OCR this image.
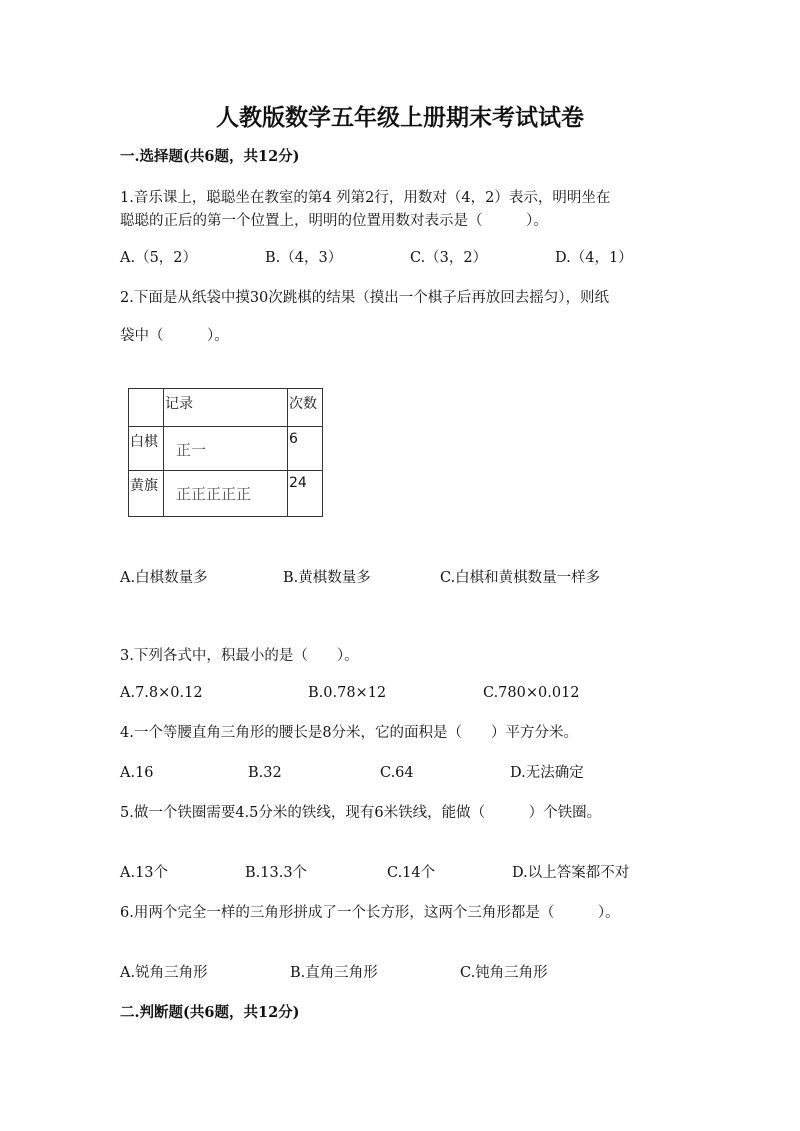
人教版数学五年级上册期末考试试卷
一.选择题(共6题，共12分)
1.音乐课上，聪聪坐在教室的第4 列第2行，用数对（4，2）表示，明明坐在
聪聪的正后的第一个位置上，明明的位置用数对表示是（　　　）。
A.（5，2）	B.（4，3）	C.（3，2）	D.（4，1）
2.下面是从纸袋中摸30次跳棋的结果（摸出一个棋子后再放回去摇匀），则纸
袋中（　　　）。
	记录	次数
白棋	正一	6
黄旗	正正正正正	24
A.白棋数量多	B.黄棋数量多	C.白棋和黄棋数量一样多
3.下列各式中，积最小的是（　　）。
A.7.8×0.12	B.0.78×12	C.780×0.012
4.一个等腰直角三角形的腰长是8分米，它的面积是（　　）平方分米。
A.16	B.32	C.64	D.无法确定
5.做一个铁圈需要4.5分米的铁线，现有6米铁线，能做（　　　）个铁圈。
A.13个	B.13.3个	C.14个	D.以上答案都不对
6.用两个完全一样的三角形拼成了一个长方形，这两个三角形都是（　　　）。
A.锐角三角形	B.直角三角形	C.钝角三角形
二.判断题(共6题，共12分)
